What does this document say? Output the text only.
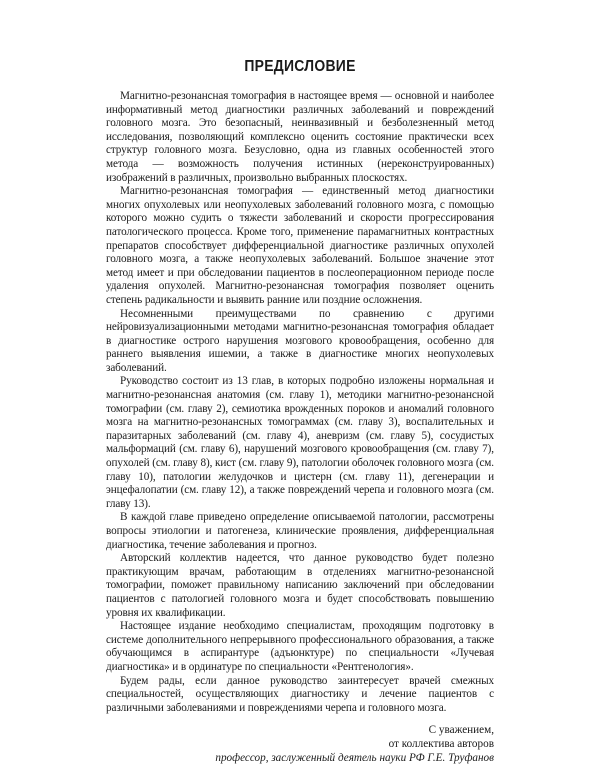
ПРЕДИСЛОВИЕ

Магнитно-резонансная томография в настоящее время — основной и наиболее информативный метод диагностики различных заболеваний и повреждений головного мозга. Это безопасный, неинвазивный и безболезненный метод исследования, позволяющий комплексно оценить состояние практически всех структур головного мозга. Безусловно, одна из главных особенностей этого метода — возможность получения истинных (нереконструированных) изображений в различных, произвольно выбранных плоскостях.

Магнитно-резонансная томография — единственный метод диагностики многих опухолевых или неопухолевых заболеваний головного мозга, с помощью которого можно судить о тяжести заболеваний и скорости прогрессирования патологического процесса. Кроме того, применение парамагнитных контрастных препаратов способствует дифференциальной диагностике различных опухолей головного мозга, а также неопухолевых заболеваний. Большое значение этот метод имеет и при обследовании пациентов в послеоперационном периоде после удаления опухолей. Магнитно-резонансная томография позволяет оценить степень радикальности и выявить ранние или поздние осложнения.

Несомненными преимуществами по сравнению с другими нейровизуализационными методами магнитно-резонансная томография обладает в диагностике острого нарушения мозгового кровообращения, особенно для раннего выявления ишемии, а также в диагностике многих неопухолевых заболеваний.

Руководство состоит из 13 глав, в которых подробно изложены нормальная и магнитно-резонансная анатомия (см. главу 1), методики магнитно-резонансной томографии (см. главу 2), семиотика врожденных пороков и аномалий головного мозга на магнитно-резонансных томограммах (см. главу 3), воспалительных и паразитарных заболеваний (см. главу 4), аневризм (см. главу 5), сосудистых мальформаций (см. главу 6), нарушений мозгового кровообращения (см. главу 7), опухолей (см. главу 8), кист (см. главу 9), патологии оболочек головного мозга (см. главу 10), патологии желудочков и цистерн (см. главу 11), дегенерации и энцефалопатии (см. главу 12), а также повреждений черепа и головного мозга (см. главу 13).

В каждой главе приведено определение описываемой патологии, рассмотрены вопросы этиологии и патогенеза, клинические проявления, дифференциальная диагностика, течение заболевания и прогноз.

Авторский коллектив надеется, что данное руководство будет полезно практикующим врачам, работающим в отделениях магнитно-резонансной томографии, поможет правильному написанию заключений при обследовании пациентов с патологией головного мозга и будет способствовать повышению уровня их квалификации.

Настоящее издание необходимо специалистам, проходящим подготовку в системе дополнительного непрерывного профессионального образования, а также обучающимся в аспирантуре (адъюнктуре) по специальности «Лучевая диагностика» и в ординатуре по специальности «Рентгенология».

Будем рады, если данное руководство заинтересует врачей смежных специальностей, осуществляющих диагностику и лечение пациентов с различными заболеваниями и повреждениями черепа и головного мозга.

С уважением,
от коллектива авторов
профессор, заслуженный деятель науки РФ Г.Е. Труфанов
